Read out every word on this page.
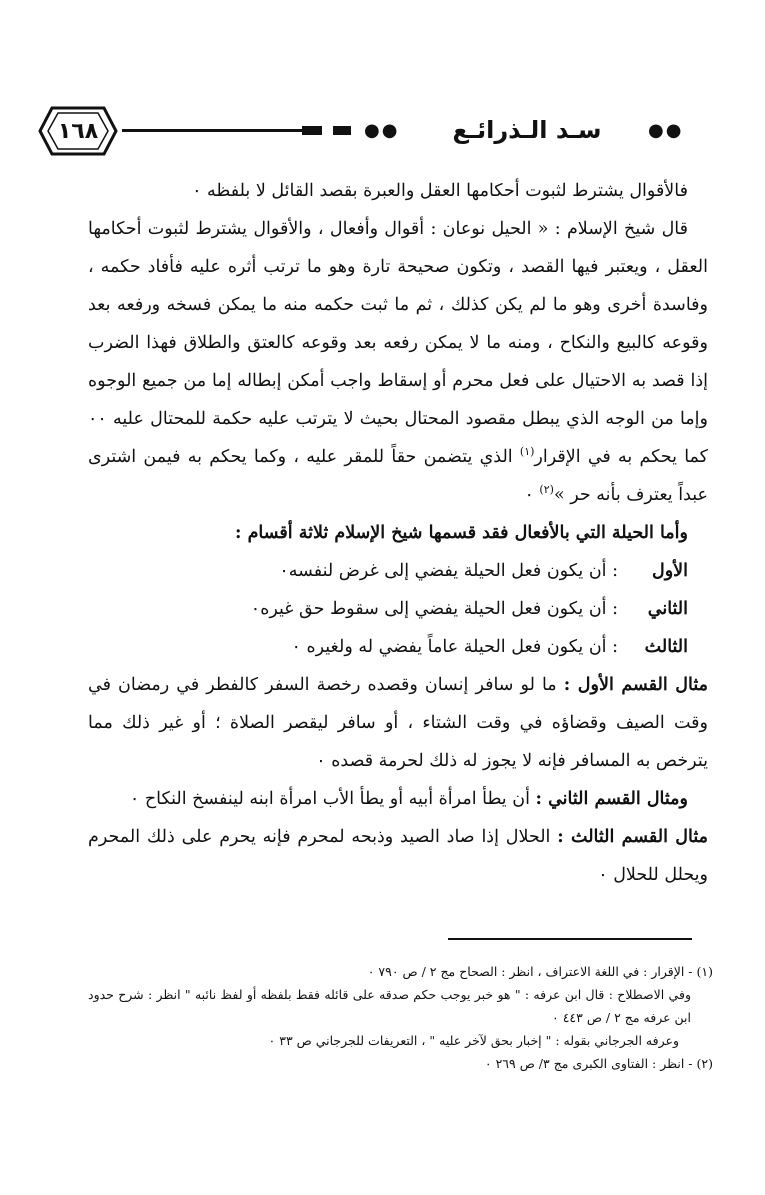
١٦٨	●●	سـد الـذرائـع	●●

فالأقوال يشترط لثبوت أحكامها العقل والعبرة بقصد القائل لا بلفظه ٠

قال شيخ الإسلام : « الحيل نوعان : أقوال وأفعال ، والأقوال يشترط لثبوت أحكامها العقل ، ويعتبر فيها القصد ، وتكون صحيحة تارة وهو ما ترتب أثره عليه فأفاد حكمه ، وفاسدة أخرى وهو ما لم يكن كذلك ، ثم ما ثبت حكمه منه ما يمكن فسخه ورفعه بعد وقوعه كالبيع والنكاح ، ومنه ما لا يمكن رفعه بعد وقوعه كالعتق والطلاق فهذا الضرب إذا قصد به الاحتيال على فعل محرم أو إسقاط واجب أمكن إبطاله إما من جميع الوجوه وإما من الوجه الذي يبطل مقصود المحتال بحيث لا يترتب عليه حكمة للمحتال عليه ٠٠ كما يحكم به في الإقرار$^{(١)}$ الذي يتضمن حقاً للمقر عليه ، وكما يحكم به فيمن اشترى عبداً يعترف بأنه حر »$^{(٢)}$ ٠

وأما الحيلة التي بالأفعال فقد قسمها شيخ الإسلام ثلاثة أقسام :

الأول
: أن يكون فعل الحيلة يفضي إلى غرض لنفسه٠
الثاني
: أن يكون فعل الحيلة يفضي إلى سقوط حق غيره٠
الثالث
: أن يكون فعل الحيلة عاماً يفضي له ولغيره ٠

مثال القسم الأول : ما لو سافر إنسان وقصده رخصة السفر كالفطر في رمضان في وقت الصيف وقضاؤه في وقت الشتاء ، أو سافر ليقصر الصلاة ؛ أو غير ذلك مما يترخص به المسافر فإنه لا يجوز له ذلك لحرمة قصده ٠

ومثال القسم الثاني : أن يطأ امرأة أبيه أو يطأ الأب امرأة ابنه لينفسخ النكاح ٠

مثال القسم الثالث : الحلال إذا صاد الصيد وذبحه لمحرم فإنه يحرم على ذلك المحرم ويحلل للحلال ٠

(١) - الإقرار : في اللغة الاعتراف ، انظر : الصحاح مج ٢ / ص ٧٩٠ ٠

وفي الاصطلاح : قال ابن عرفه : " هو خبر يوجب حكم صدقه على قائله فقط بلفظه أو لفظ نائبه " انظر : شرح حدود ابن عرفه مج ٢ / ص ٤٤٣ ٠

وعرفه الجرجاني بقوله : " إخبار بحق لآخر عليه " ، التعريفات للجرجاني ص ٣٣ ٠

(٢) - انظر : الفتاوى الكبرى مج ٣/ ص ٢٦٩ ٠
